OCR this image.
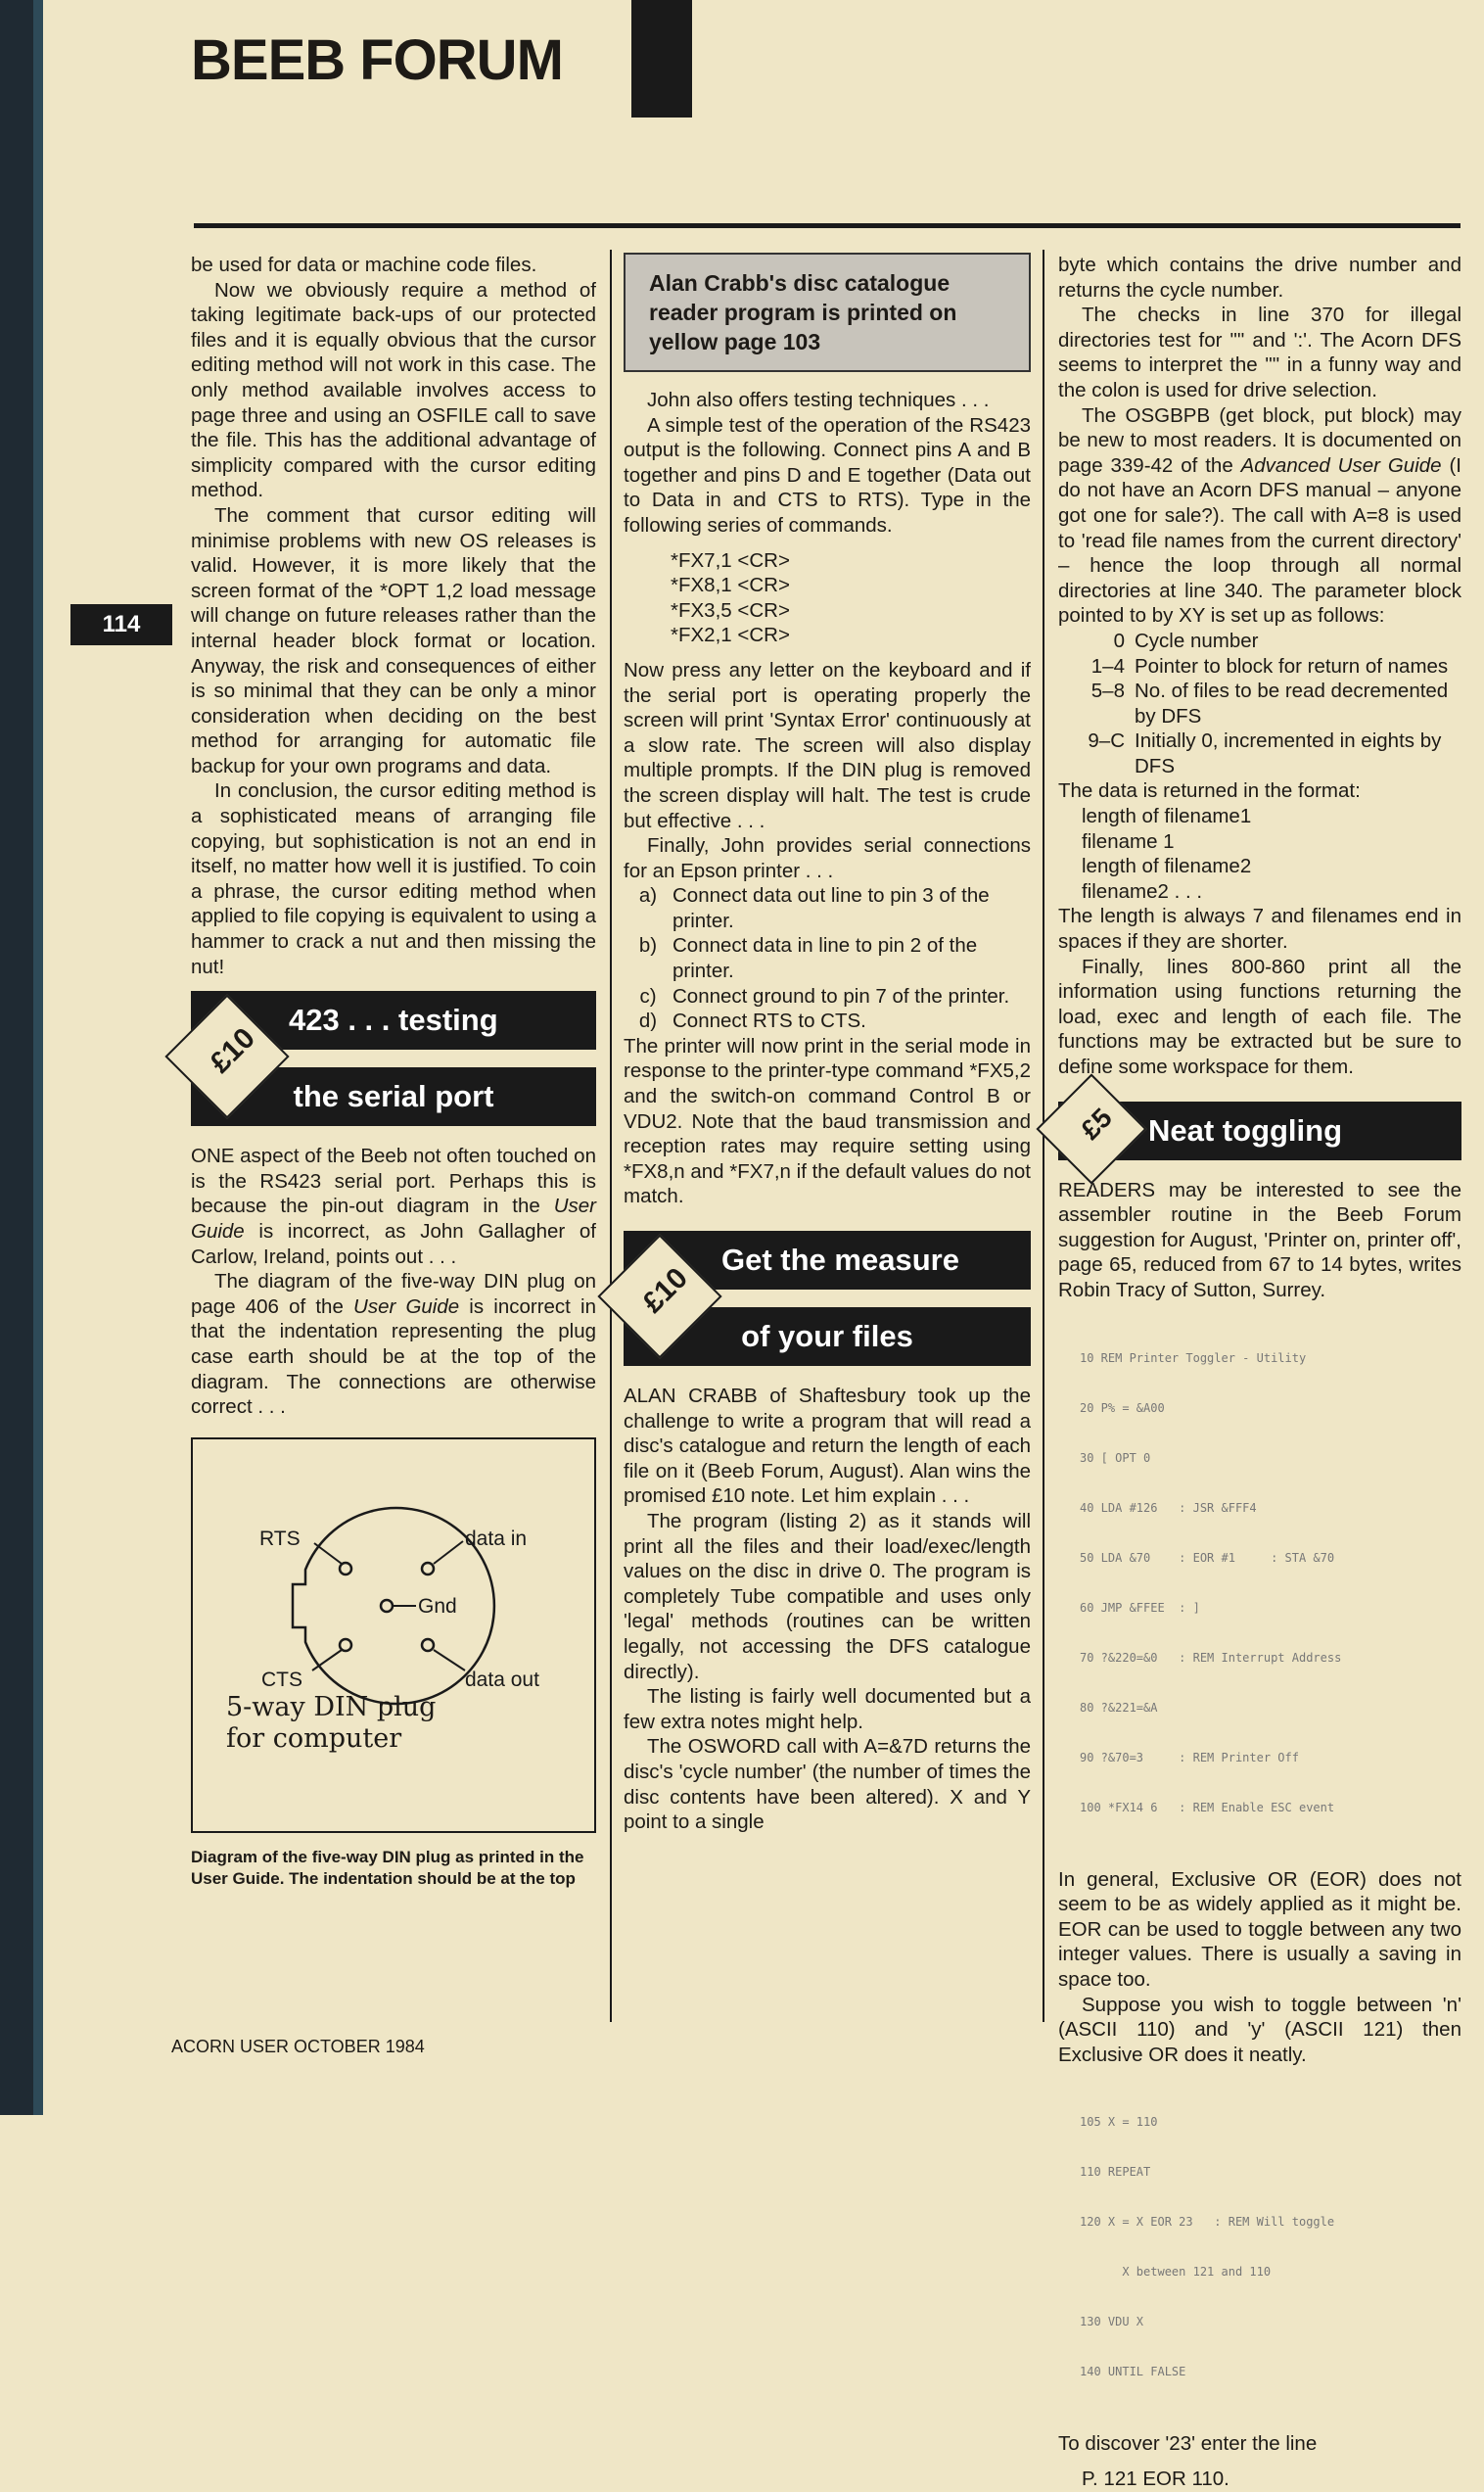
BEEB FORUM
114

be used for data or machine code files.

Now we obviously require a method of taking legitimate back-ups of our protected files and it is equally obvious that the cursor editing method will not work in this case. The only method available involves access to page three and using an OSFILE call to save the file. This has the additional advantage of simplicity compared with the cursor editing method.

The comment that cursor editing will minimise problems with new OS releases is valid. However, it is more likely that the screen format of the *OPT 1,2 load message will change on future releases rather than the internal header block format or location. Anyway, the risk and consequences of either is so minimal that they can be only a minor consideration when deciding on the best method for arranging for automatic file backup for your own programs and data.

In conclusion, the cursor editing method is a sophisticated means of arranging file copying, but sophistication is not an end in itself, no matter how well it is justified. To coin a phrase, the cursor editing method when applied to file copying is equivalent to using a hammer to crack a nut and then missing the nut!

423 . . . testing
the serial port
£10

ONE aspect of the Beeb not often touched on is the RS423 serial port. Perhaps this is because the pin-out diagram in the User Guide is incorrect, as John Gallagher of Carlow, Ireland, points out . . .

The diagram of the five-way DIN plug on page 406 of the User Guide is incorrect in that the indentation representing the plug case earth should be at the top of the diagram. The connections are otherwise correct . . .

RTS	data in
Gnd
CTS	data out
5-way DIN plug
for computer
Diagram of the five-way DIN plug as printed in the User Guide. The indentation should be at the top
Alan Crabb's disc catalogue reader program is printed on yellow page 103

John also offers testing techniques . . .

A simple test of the operation of the RS423 output is the following. Connect pins A and B together and pins D and E together (Data out to Data in and CTS to RTS). Type in the following series of commands.

*FX7,1 <CR>
*FX8,1 <CR>
*FX3,5 <CR>
*FX2,1 <CR>

Now press any letter on the keyboard and if the serial port is operating properly the screen will print 'Syntax Error' continuously at a slow rate. The screen will also display multiple prompts. If the DIN plug is removed the screen display will halt. The test is crude but effective . . .

Finally, John provides serial connections for an Epson printer . . .

a) Connect data out line to pin 3 of the printer.
b) Connect data in line to pin 2 of the printer.
c) Connect ground to pin 7 of the printer.
d) Connect RTS to CTS.

The printer will now print in the serial mode in response to the printer-type command *FX5,2 and the switch-on command Control B or VDU2. Note that the baud transmission and reception rates may require setting using *FX8,n and *FX7,n if the default values do not match.

Get the measure
of your files
£10

ALAN CRABB of Shaftesbury took up the challenge to write a program that will read a disc's catalogue and return the length of each file on it (Beeb Forum, August). Alan wins the promised £10 note. Let him explain . . .

The program (listing 2) as it stands will print all the files and their load/exec/length values on the disc in drive 0. The program is completely Tube compatible and uses only 'legal' methods (routines can be written legally, not accessing the DFS catalogue directly).

The listing is fairly well documented but a few extra notes might help.

The OSWORD call with A=&7D returns the disc's 'cycle number' (the number of times the disc contents have been altered). X and Y point to a single

byte which contains the drive number and returns the cycle number.

The checks in line 370 for illegal directories test for '"' and ':'. The Acorn DFS seems to interpret the '"' in a funny way and the colon is used for drive selection.

The OSGBPB (get block, put block) may be new to most readers. It is documented on page 339-42 of the Advanced User Guide (I do not have an Acorn DFS manual – anyone got one for sale?). The call with A=8 is used to 'read file names from the current directory' – hence the loop through all normal directories at line 340. The parameter block pointed to by XY is set up as follows:

0 Cycle number
1–4 Pointer to block for return of names
5–8 No. of files to be read decremented by DFS
9–C Initially 0, incremented in eights by DFS

The data is returned in the format:

length of filename1
filename 1
length of filename2
filename2 . . .

The length is always 7 and filenames end in spaces if they are shorter.

Finally, lines 800-860 print all the information using functions returning the load, exec and length of each file. The functions may be extracted but be sure to define some workspace for them.

Neat toggling
£5

READERS may be interested to see the assembler routine in the Beeb Forum suggestion for August, 'Printer on, printer off', page 65, reduced from 67 to 14 bytes, writes Robin Tracy of Sutton, Surrey.

10 REM Printer Toggler - Utility

20 P% = &A00

30 [ OPT 0

40 LDA #126   : JSR &FFF4

50 LDA &70    : EOR #1     : STA &70

60 JMP &FFEE  : ]

70 ?&220=&0   : REM Interrupt Address

80 ?&221=&A

90 ?&70=3     : REM Printer Off

100 *FX14 6   : REM Enable ESC event

In general, Exclusive OR (EOR) does not seem to be as widely applied as it might be. EOR can be used to toggle between any two integer values. There is usually a saving in space too.

Suppose you wish to toggle between 'n' (ASCII 110) and 'y' (ASCII 121) then Exclusive OR does it neatly.

105 X = 110

110 REPEAT

120 X = X EOR 23   : REM Will toggle

X between 121 and 110

130 VDU X

140 UNTIL FALSE

To discover '23' enter the line

P. 121 EOR 110.

ACORN USER OCTOBER 1984
